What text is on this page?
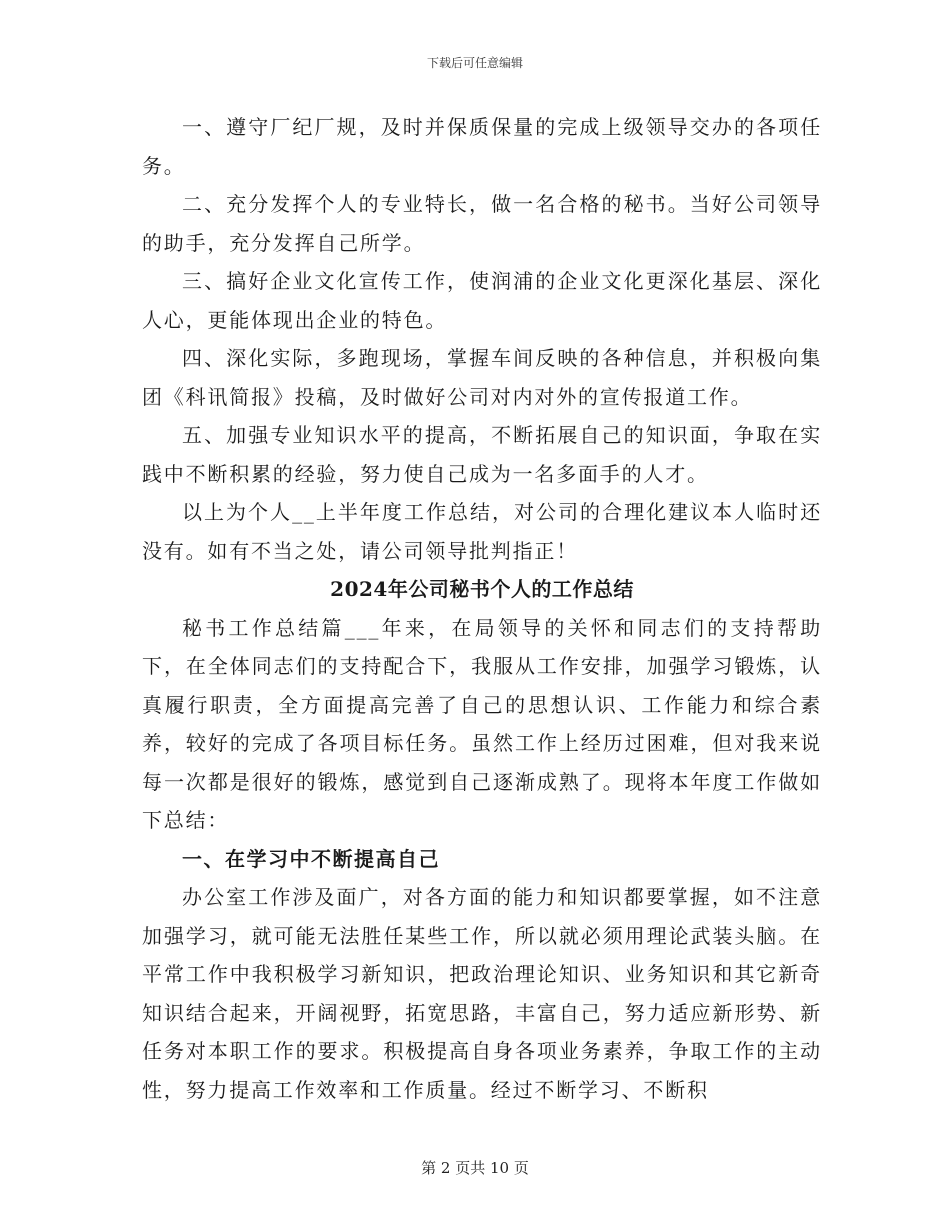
下载后可任意编辑

一、遵守厂纪厂规，及时并保质保量的完成上级领导交办的各项任务。

二、充分发挥个人的专业特长，做一名合格的秘书。当好公司领导的助手，充分发挥自己所学。

三、搞好企业文化宣传工作，使润浦的企业文化更深化基层、深化人心，更能体现出企业的特色。

四、深化实际，多跑现场，掌握车间反映的各种信息，并积极向集团《科讯简报》投稿，及时做好公司对内对外的宣传报道工作。

五、加强专业知识水平的提高，不断拓展自己的知识面，争取在实践中不断积累的经验，努力使自己成为一名多面手的人才。

以上为个人__上半年度工作总结，对公司的合理化建议本人临时还没有。如有不当之处，请公司领导批判指正！

2024年公司秘书个人的工作总结

秘书工作总结篇___年来，在局领导的关怀和同志们的支持帮助下，在全体同志们的支持配合下，我服从工作安排，加强学习锻炼，认真履行职责，全方面提高完善了自己的思想认识、工作能力和综合素养，较好的完成了各项目标任务。虽然工作上经历过困难，但对我来说每一次都是很好的锻炼，感觉到自己逐渐成熟了。现将本年度工作做如下总结：

一、在学习中不断提高自己

办公室工作涉及面广，对各方面的能力和知识都要掌握，如不注意加强学习，就可能无法胜任某些工作，所以就必须用理论武装头脑。在平常工作中我积极学习新知识，把政治理论知识、业务知识和其它新奇知识结合起来，开阔视野，拓宽思路，丰富自己，努力适应新形势、新任务对本职工作的要求。积极提高自身各项业务素养，争取工作的主动性，努力提高工作效率和工作质量。经过不断学习、不断积

第 2 页共 10 页
